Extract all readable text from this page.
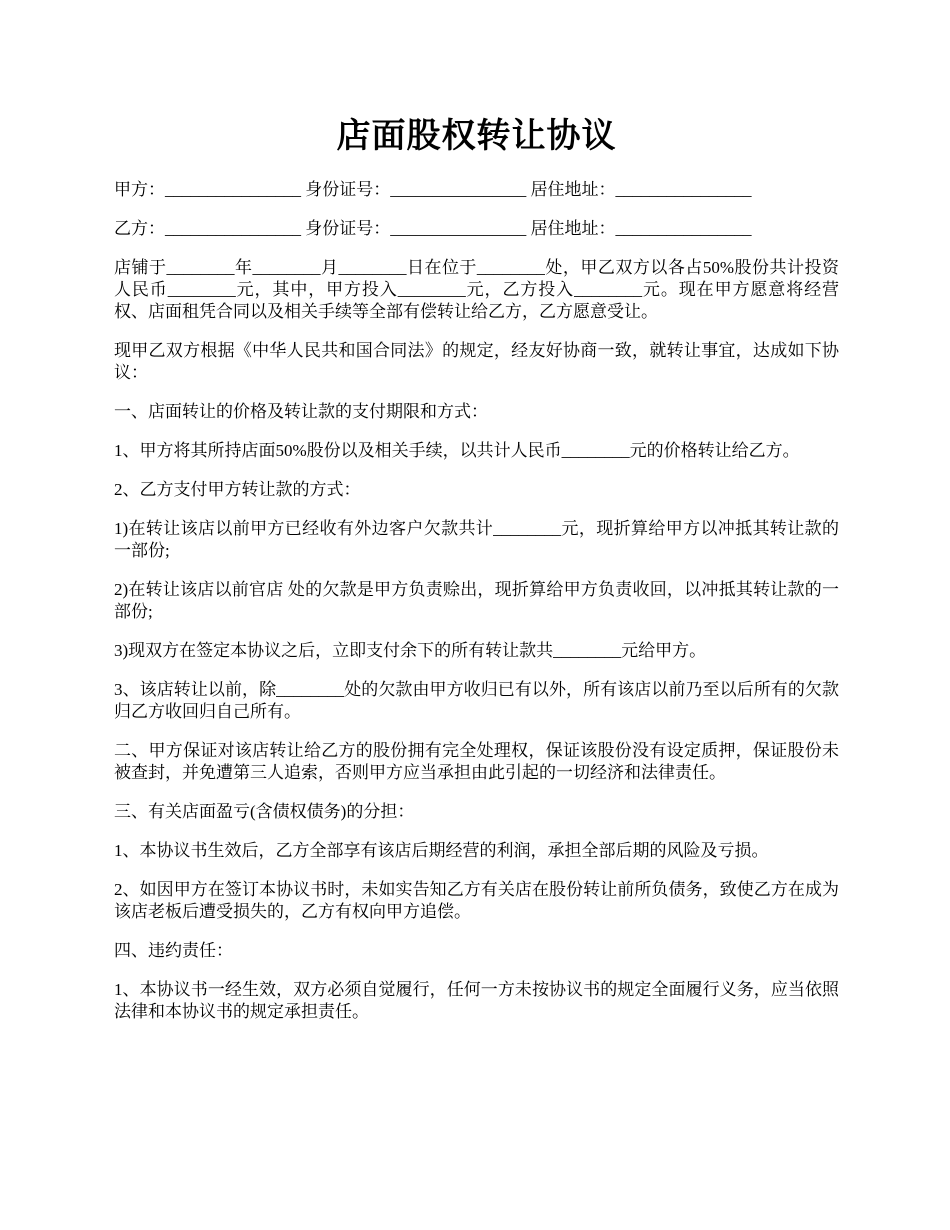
店面股权转让协议

甲方：________________ 身份证号：________________ 居住地址：________________

乙方：________________ 身份证号：________________ 居住地址：________________

店铺于________年________月________日在位于________处，甲乙双方以各占50%股份共计投资人民币________元，其中，甲方投入________元，乙方投入________元。现在甲方愿意将经营权、店面租凭合同以及相关手续等全部有偿转让给乙方，乙方愿意受让。

现甲乙双方根据《中华人民共和国合同法》的规定，经友好协商一致，就转让事宜，达成如下协议：

一、店面转让的价格及转让款的支付期限和方式：

1、甲方将其所持店面50%股份以及相关手续，以共计人民币________元的价格转让给乙方。

2、乙方支付甲方转让款的方式：

1)在转让该店以前甲方已经收有外边客户欠款共计________元，现折算给甲方以冲抵其转让款的一部份;

2)在转让该店以前官店 处的欠款是甲方负责赊出，现折算给甲方负责收回，以冲抵其转让款的一部份;

3)现双方在签定本协议之后，立即支付余下的所有转让款共________元给甲方。

3、该店转让以前，除________处的欠款由甲方收归已有以外，所有该店以前乃至以后所有的欠款归乙方收回归自己所有。

二、甲方保证对该店转让给乙方的股份拥有完全处理权，保证该股份没有设定质押，保证股份未被查封，并免遭第三人追索，否则甲方应当承担由此引起的一切经济和法律责任。

三、有关店面盈亏(含债权债务)的分担：

1、本协议书生效后，乙方全部享有该店后期经营的利润，承担全部后期的风险及亏损。

2、如因甲方在签订本协议书时，未如实告知乙方有关店在股份转让前所负债务，致使乙方在成为该店老板后遭受损失的，乙方有权向甲方追偿。

四、违约责任：

1、本协议书一经生效，双方必须自觉履行，任何一方未按协议书的规定全面履行义务，应当依照法律和本协议书的规定承担责任。
